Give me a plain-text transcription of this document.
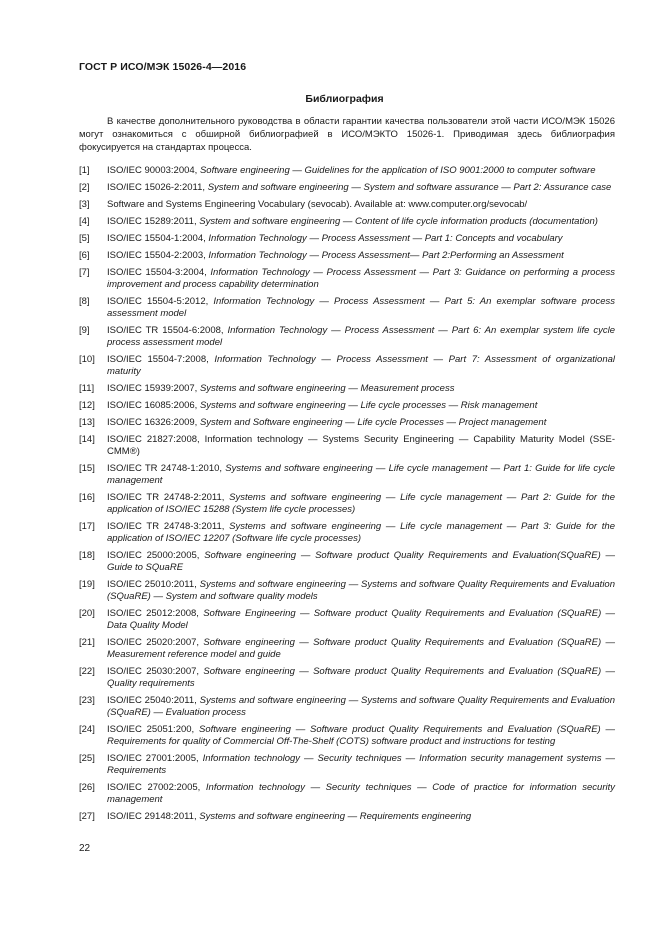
ГОСТ Р ИСО/МЭК 15026-4—2016
Библиография

В качестве дополнительного руководства в области гарантии качества пользователи этой части ИСО/МЭК 15026 могут ознакомиться с обширной библиографией в ИСО/МЭКТО 15026-1. Приводимая здесь библиография фокусируется на стандартах процесса.

[1] ISO/IEC 90003:2004, Software engineering — Guidelines for the application of ISO 9001:2000 to computer software
[2] ISO/IEC 15026-2:2011, System and software engineering — System and software assurance — Part 2: Assurance case
[3] Software and Systems Engineering Vocabulary (sevocab). Available at: www.computer.org/sevocab/
[4] ISO/IEC 15289:2011, System and software engineering — Content of life cycle information products (documentation)
[5] ISO/IEC 15504-1:2004, Information Technology — Process Assessment — Part 1: Concepts and vocabulary
[6] ISO/IEC 15504-2:2003, Information Technology — Process Assessment— Part 2:Performing an Assessment
[7] ISO/IEC 15504-3:2004, Information Technology — Process Assessment — Part 3: Guidance on performing a process improvement and process capability determination
[8] ISO/IEC 15504-5:2012, Information Technology — Process Assessment — Part 5: An exemplar software process assessment model
[9] ISO/IEC TR 15504-6:2008, Information Technology — Process Assessment — Part 6: An exemplar system life cycle process assessment model
[10] ISO/IEC 15504-7:2008, Information Technology — Process Assessment — Part 7: Assessment of organizational maturity
[11] ISO/IEC 15939:2007, Systems and software engineering — Measurement process
[12] ISO/IEC 16085:2006, Systems and software engineering — Life cycle processes — Risk management
[13] ISO/IEC 16326:2009, System and Software engineering — Life cycle Processes — Project management
[14] ISO/IEC 21827:2008, Information technology — Systems Security Engineering — Capability Maturity Model (SSE-CMM®)
[15] ISO/IEC TR 24748-1:2010, Systems and software engineering — Life cycle management — Part 1: Guide for life cycle management
[16] ISO/IEC TR 24748-2:2011, Systems and software engineering — Life cycle management — Part 2: Guide for the application of ISO/IEC 15288 (System life cycle processes)
[17] ISO/IEC TR 24748-3:2011, Systems and software engineering — Life cycle management — Part 3: Guide for the application of ISO/IEC 12207 (Software life cycle processes)
[18] ISO/IEC 25000:2005, Software engineering — Software product Quality Requirements and Evaluation(SQuaRE) — Guide to SQuaRE
[19] ISO/IEC 25010:2011, Systems and software engineering — Systems and software Quality Requirements and Evaluation (SQuaRE) — System and software quality models
[20] ISO/IEC 25012:2008, Software Engineering — Software product Quality Requirements and Evaluation (SQuaRE) — Data Quality Model
[21] ISO/IEC 25020:2007, Software engineering — Software product Quality Requirements and Evaluation (SQuaRE) — Measurement reference model and guide
[22] ISO/IEC 25030:2007, Software engineering — Software product Quality Requirements and Evaluation (SQuaRE) — Quality requirements
[23] ISO/IEC 25040:2011, Systems and software engineering — Systems and software Quality Requirements and Evaluation (SQuaRE) — Evaluation process
[24] ISO/IEC 25051:200, Software engineering — Software product Quality Requirements and Evaluation (SQuaRE) — Requirements for quality of Commercial Off-The-Shelf (COTS) software product and instructions for testing
[25] ISO/IEC 27001:2005, Information technology — Security techniques — Information security management systems — Requirements
[26] ISO/IEC 27002:2005, Information technology — Security techniques — Code of practice for information security management
[27] ISO/IEC 29148:2011, Systems and software engineering — Requirements engineering
22
